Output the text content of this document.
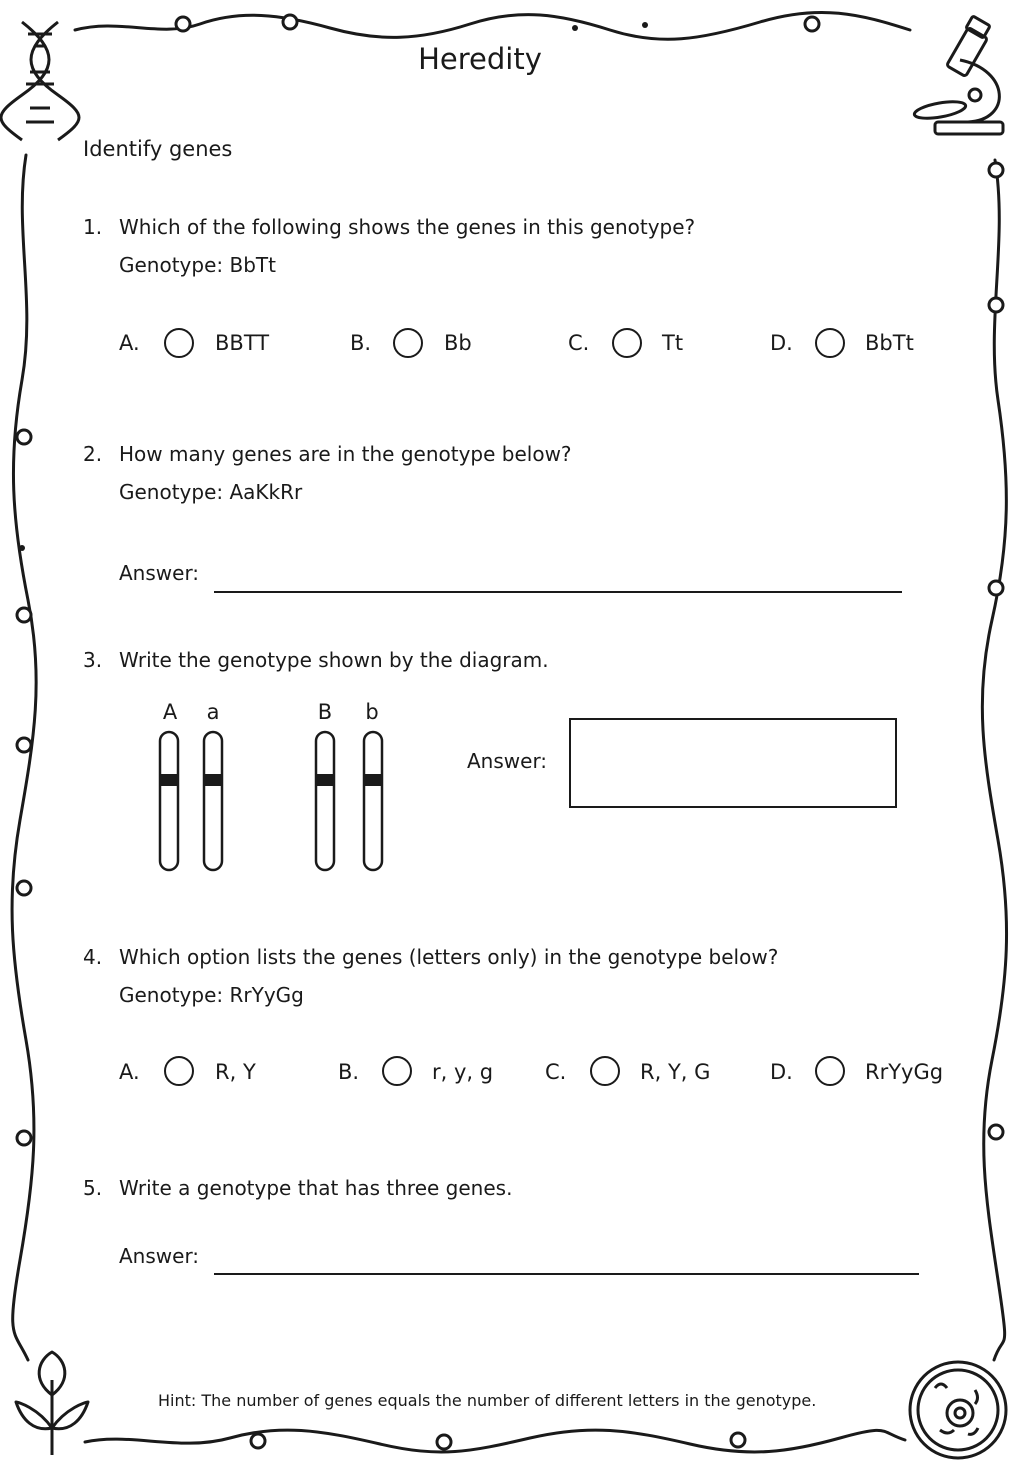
Heredity
Identify genes
1. Which of the following shows the genes in this genotype?
Genotype: BbTt
A.	BBTT	B.	Bb	C.	Tt	D.	BbTt
2. How many genes are in the genotype below?
Genotype: AaKkRr
Answer:
3. Write the genotype shown by the diagram.
A a	B b
Answer:
4. Which option lists the genes (letters only) in the genotype below?
Genotype: RrYyGg
A.	R, Y	B.	r, y, g C.	R, Y, G	D.	RrYyGg
5. Write a genotype that has three genes.
Answer:
Hint: The number of genes equals the number of different letters in the genotype.
